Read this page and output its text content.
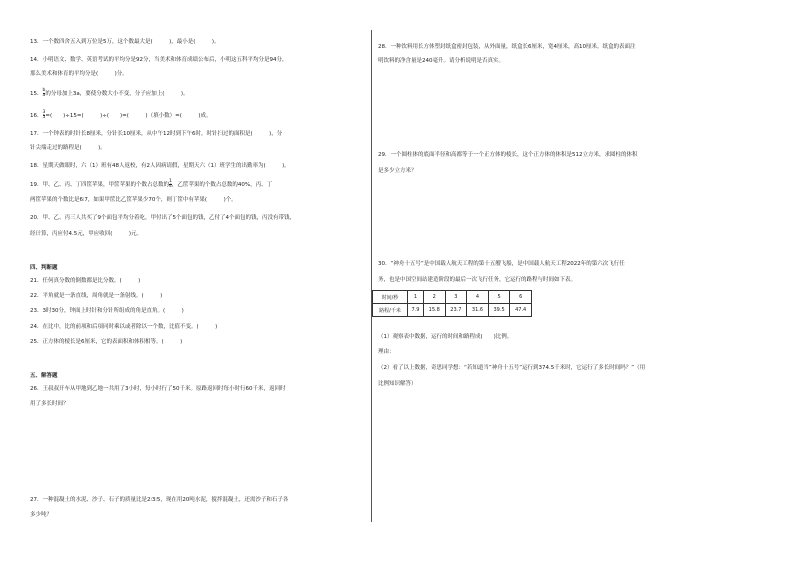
13．一个数四舍五入到万位是5万，这个数最大是(　　　)，最小是(　　　)。
14．小明语文、数学、英语考试的平均分是92分，当美术和体育成绩公布后，小明这五科平均分是94分，
那么美术和体育的平均分是(　　　)分。
15． $\frac{b}{a}$ 的分母加上3a，要使分数大小不变，分子应加上(　　　)。
16． $\frac{3}{5}$ =(　　)÷15=(　　　)÷(　　)=(　　　)（填小数）=(　　　)成。
17．一个钟表的时针长8厘米，分针长10厘米，从中午12时到下午6时，时针扫过的面积是(　　　)，分
针尖端走过的路程是(　　　)。
18．星期天做眼时，六（1）班有48人返校，有2人因病请假，星期天六（1）班学生的出勤率为(　　　)。
19．甲、乙、丙、丁四筐苹果，甲筐苹果的个数占总数的 $\frac{1}{4}$ ，乙筐苹果的个数占总数的40%，丙、丁
两筐苹果的个数比是6∶7，如果甲筐比乙筐苹果少70个，则丁筐中有苹果(　　　)个。
20．甲、乙、丙三人共买了9个面包平均分着吃，甲付出了5个面包的钱，乙付了4个面包的钱，丙没有带钱，
经计算，丙应付4.5元，甲应收回(　　　)元。
四、判断题
21．任何真分数的倒数都是比分数。(　　　)
22．平角就是一条直线，周角就是一条射线。(　　　)
23．3时30分，钟面上时针和分针所组成的角是直角。(　　　)
24．在比中，比的前项和后项同时乘以或者除以一个数，比值不变。(　　　)
25．正方体的棱长是6厘米，它的表面积和体积相等。(　　　)
五、解答题
26．王叔叔开车从甲地到乙地一共用了3小时，每小时行了50千米。原路返回时每小时行60千米，返回时
用了多长时间？
27．一种混凝土的水泥、沙子、石子的质量比是2∶3∶5，现在用20吨水泥，搅拌混凝土，还需沙子和石子各
多少吨？
28．一种饮料用长方体塑封纸盒密封包装，从外面量，纸盒长6厘米，宽4厘米，高10厘米。纸盒的表面注
明饮料的净含量是240毫升。请分析说明是否真实。
29．一个圆柱体的底面半径和高都等于一个正方体的棱长，这个正方体的体积是512立方米，求圆柱的体积
是多少立方米？
30．“神舟十五号”是中国载人航天工程的第十五艘飞船，是中国载人航天工程2022年的第六次飞行任
务，也是中国空间站建造阶段的最后一次飞行任务，它运行的路程与时间如下表。
时间/秒	1	2	3	4	5	6
路程/千米	7.9	15.8	23.7	31.6	39.5	47.4
（1）观察表中数据，运行的时间和路程成(　　)比例。
理由：
（2）看了以上数据，奇思同学想：“若知道当”神舟十五号”运行到374.5千米时，它运行了多长时间吗？”（用
比例知识解答）
